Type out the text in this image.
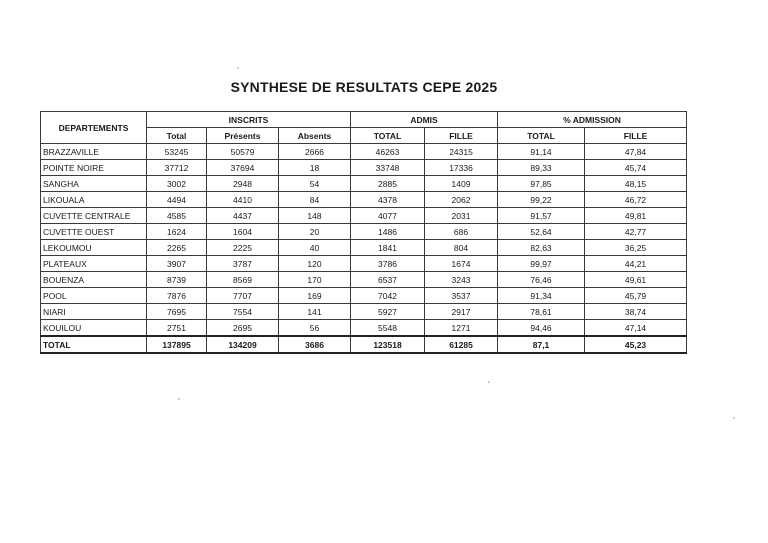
SYNTHESE DE RESULTATS CEPE 2025
DEPARTEMENTS	INSCRITS			ADMIS		% ADMISSION	
	Total	Présents	Absents	TOTAL	FILLE	TOTAL	FILLE
BRAZZAVILLE	53245	50579	2666	46263	24315	91,14	47,84
POINTE NOIRE	37712	37694	18	33748	17336	89,33	45,74
SANGHA	3002	2948	54	2885	1409	97,85	48,15
LIKOUALA	4494	4410	84	4378	2062	99,22	46,72
CUVETTE CENTRALE	4585	4437	148	4077	2031	91,57	49,81
CUVETTE OUEST	1624	1604	20	1486	686	52,64	42,77
LEKOUMOU	2265	2225	40	1841	804	82,63	36,25
PLATEAUX	3907	3787	120	3786	1674	99,97	44,21
BOUENZA	8739	8569	170	6537	3243	76,46	49,61
POOL	7876	7707	169	7042	3537	91,34	45,79
NIARI	7695	7554	141	5927	2917	78,61	38,74
KOUILOU	2751	2695	56	5548	1271	94,46	47,14
TOTAL	137895	134209	3686	123518	61285	87,1	45,23
